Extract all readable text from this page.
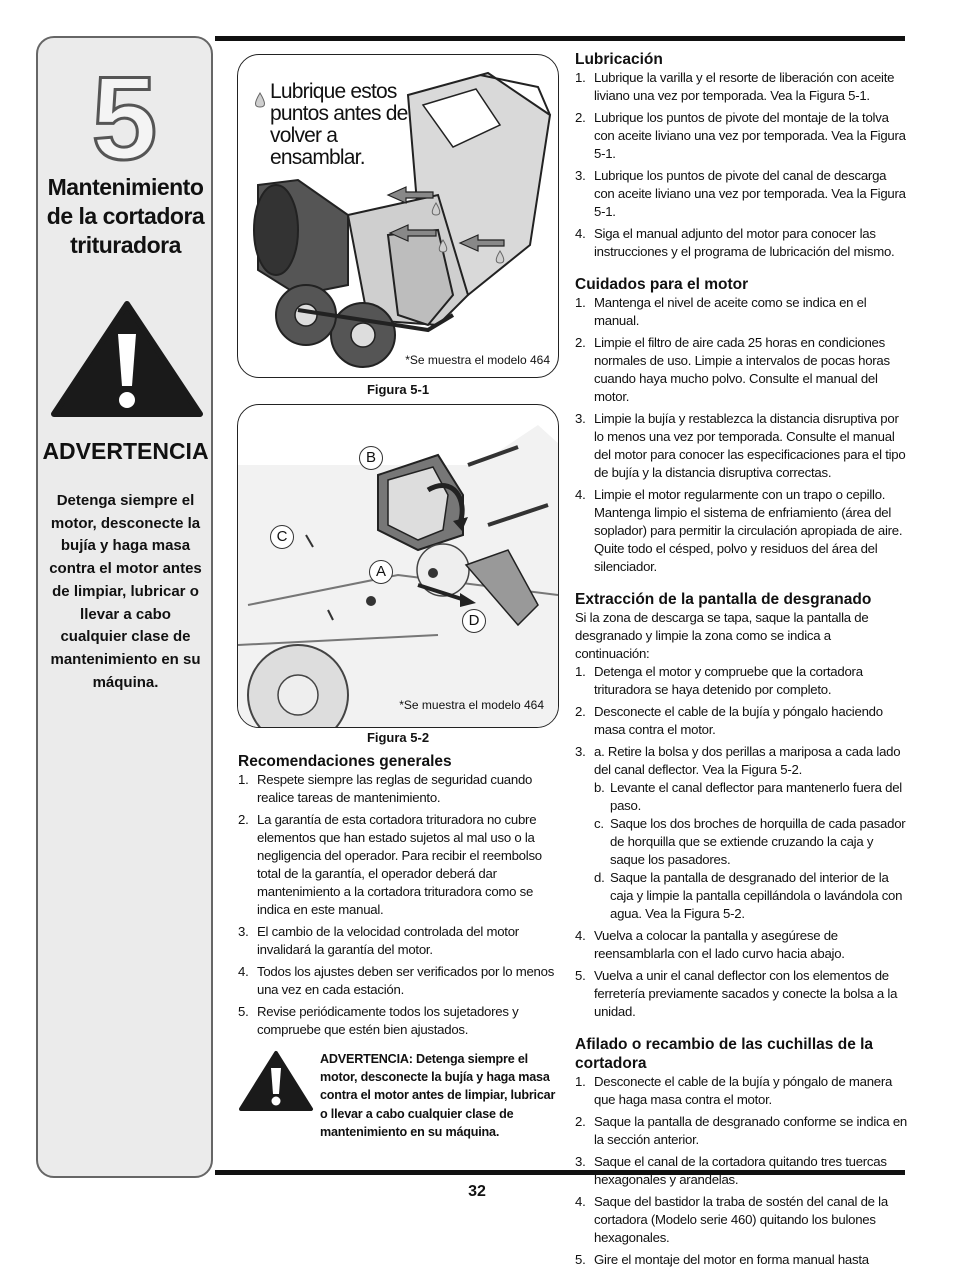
5
Mantenimiento de la cortadora trituradora
ADVERTENCIA
Detenga siempre el motor, desconecte la bujía y haga masa contra el motor antes de limpiar, lubricar o llevar a cabo cualquier clase de mantenimiento en su máquina.
Lubrique estos puntos antes de volver a ensamblar.
*Se muestra el modelo 464
Figura 5-1
B
C
A
D
*Se muestra el modelo 464
Figura 5-2
Recomendaciones generales
1. Respete siempre las reglas de seguridad cuando realice tareas de mantenimiento.
2. La garantía de esta cortadora trituradora no cubre elementos que han estado sujetos al mal uso o la negligencia del operador. Para recibir el reembolso total de la garantía, el operador deberá dar mantenimiento a la cortadora trituradora como se indica en este manual.
3. El cambio de la velocidad controlada del motor invalidará la garantía del motor.
4. Todos los ajustes deben ser verificados por lo menos una vez en cada estación.
5. Revise periódicamente todos los sujetadores y compruebe que estén bien ajustados.
ADVERTENCIA: Detenga siempre el motor, desconecte la bujía y haga masa contra el motor antes de limpiar, lubricar o llevar a cabo cualquier clase de mantenimiento en su máquina.
Lubricación
1. Lubrique la varilla y el resorte de liberación con aceite liviano una vez por temporada. Vea la Figura 5-1.
2. Lubrique los puntos de pivote del montaje de la tolva con aceite liviano una vez por temporada. Vea la Figura 5-1.
3. Lubrique los puntos de pivote del canal de descarga con aceite liviano una vez por temporada. Vea la Figura 5-1.
4. Siga el manual adjunto del motor para conocer las instrucciones y el programa de lubricación del mismo.
Cuidados para el motor
1. Mantenga el nivel de aceite como se indica en el manual.
2. Limpie el filtro de aire cada 25 horas en condiciones normales de uso. Limpie a intervalos de pocas horas cuando haya mucho polvo. Consulte el manual del motor.
3. Limpie la bujía y restablezca la distancia disruptiva por lo menos una vez por temporada. Consulte el manual del motor para conocer las especificaciones para el tipo de bujía y la distancia disruptiva correctas.
4. Limpie el motor regularmente con un trapo o cepillo. Mantenga limpio el sistema de enfriamiento (área del soplador) para permitir la circulación apropiada de aire. Quite todo el césped, polvo y residuos del área del silenciador.
Extracción de la pantalla de desgranado
Si la zona de descarga se tapa, saque la pantalla de desgranado y limpie la zona como se indica a continuación:
1. Detenga el motor y compruebe que la cortadora trituradora se haya detenido por completo.
2. Desconecte el cable de la bujía y póngalo haciendo masa contra el motor.
3. a. Retire la bolsa y dos perillas a mariposa a cada lado del canal deflector. Vea la Figura 5-2.
b. Levante el canal deflector para mantenerlo fuera del paso.
c. Saque los dos broches de horquilla de cada pasador de horquilla que se extiende cruzando la caja y saque los pasadores.
d. Saque la pantalla de desgranado del interior de la caja y limpie la pantalla cepillándola o lavándola con agua. Vea la Figura 5-2.
4. Vuelva a colocar la pantalla y asegúrese de reensamblarla con el lado curvo hacia abajo.
5. Vuelva a unir el canal deflector con los elementos de ferretería previamente sacados y conecte la bolsa a la unidad.
Afilado o recambio de las cuchillas de la cortadora
1. Desconecte el cable de la bujía y póngalo de manera que haga masa contra el motor.
2. Saque la pantalla de desgranado conforme se indica en la sección anterior.
3. Saque el canal de la cortadora quitando tres tuercas hexagonales y arandelas.
4. Saque del bastidor la traba de sostén del canal de la cortadora (Modelo serie 460) quitando los bulones hexagonales.
5. Gire el montaje del motor en forma manual hasta
32
